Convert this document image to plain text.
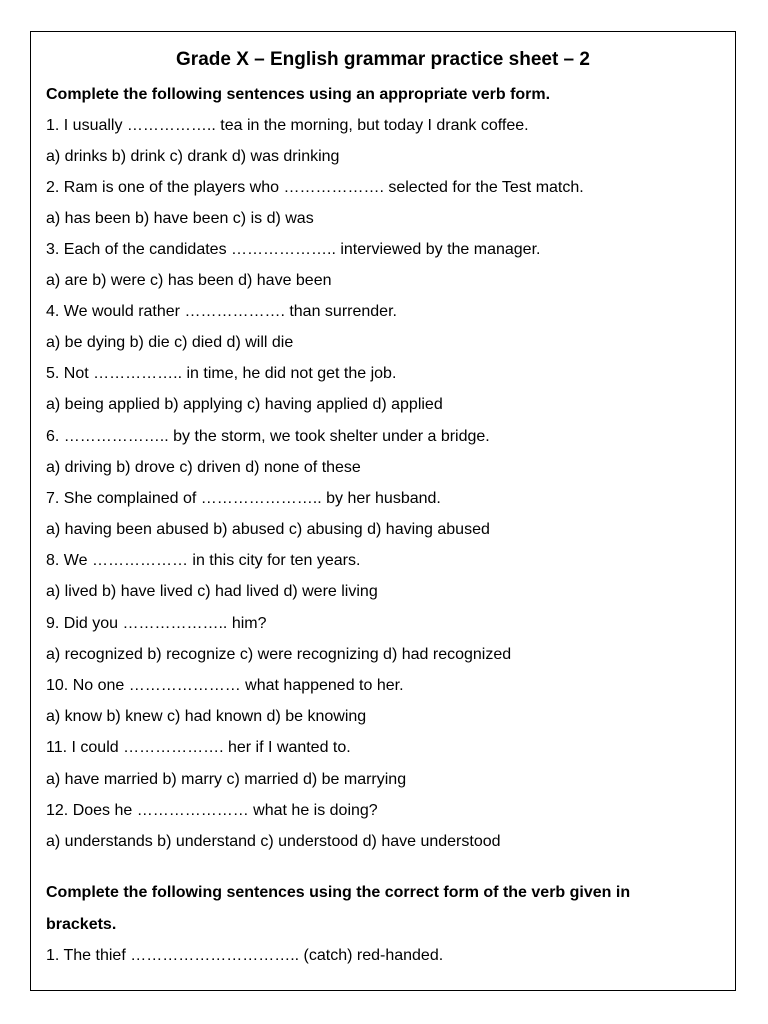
Grade X – English grammar practice sheet – 2

Complete the following sentences using an appropriate verb form.

1. I usually …………….. tea in the morning, but today I drank coffee.

a) drinks b) drink c) drank d) was drinking

2. Ram is one of the players who ………………. selected for the Test match.

a) has been b) have been c) is d) was

3. Each of the candidates ……………….. interviewed by the manager.

a) are b) were c) has been d) have been

4. We would rather ………………. than surrender.

a) be dying b) die c) died d) will die

5. Not …………….. in time, he did not get the job.

a) being applied b) applying c) having applied d) applied

6. ……………….. by the storm, we took shelter under a bridge.

a) driving b) drove c) driven d) none of these

7. She complained of ………………….. by her husband.

a) having been abused b) abused c) abusing d) having abused

8. We ……………… in this city for ten years.

a) lived b) have lived c) had lived d) were living

9. Did you ……………….. him?

a) recognized b) recognize c) were recognizing d) had recognized

10. No one ………………… what happened to her.

a) know b) knew c) had known d) be knowing

11. I could ………………. her if I wanted to.

a) have married b) marry c) married d) be marrying

12. Does he ………………… what he is doing?

a) understands b) understand c) understood d) have understood

Complete the following sentences using the correct form of the verb given in

brackets.

1. The thief ………………………….. (catch) red-handed.
